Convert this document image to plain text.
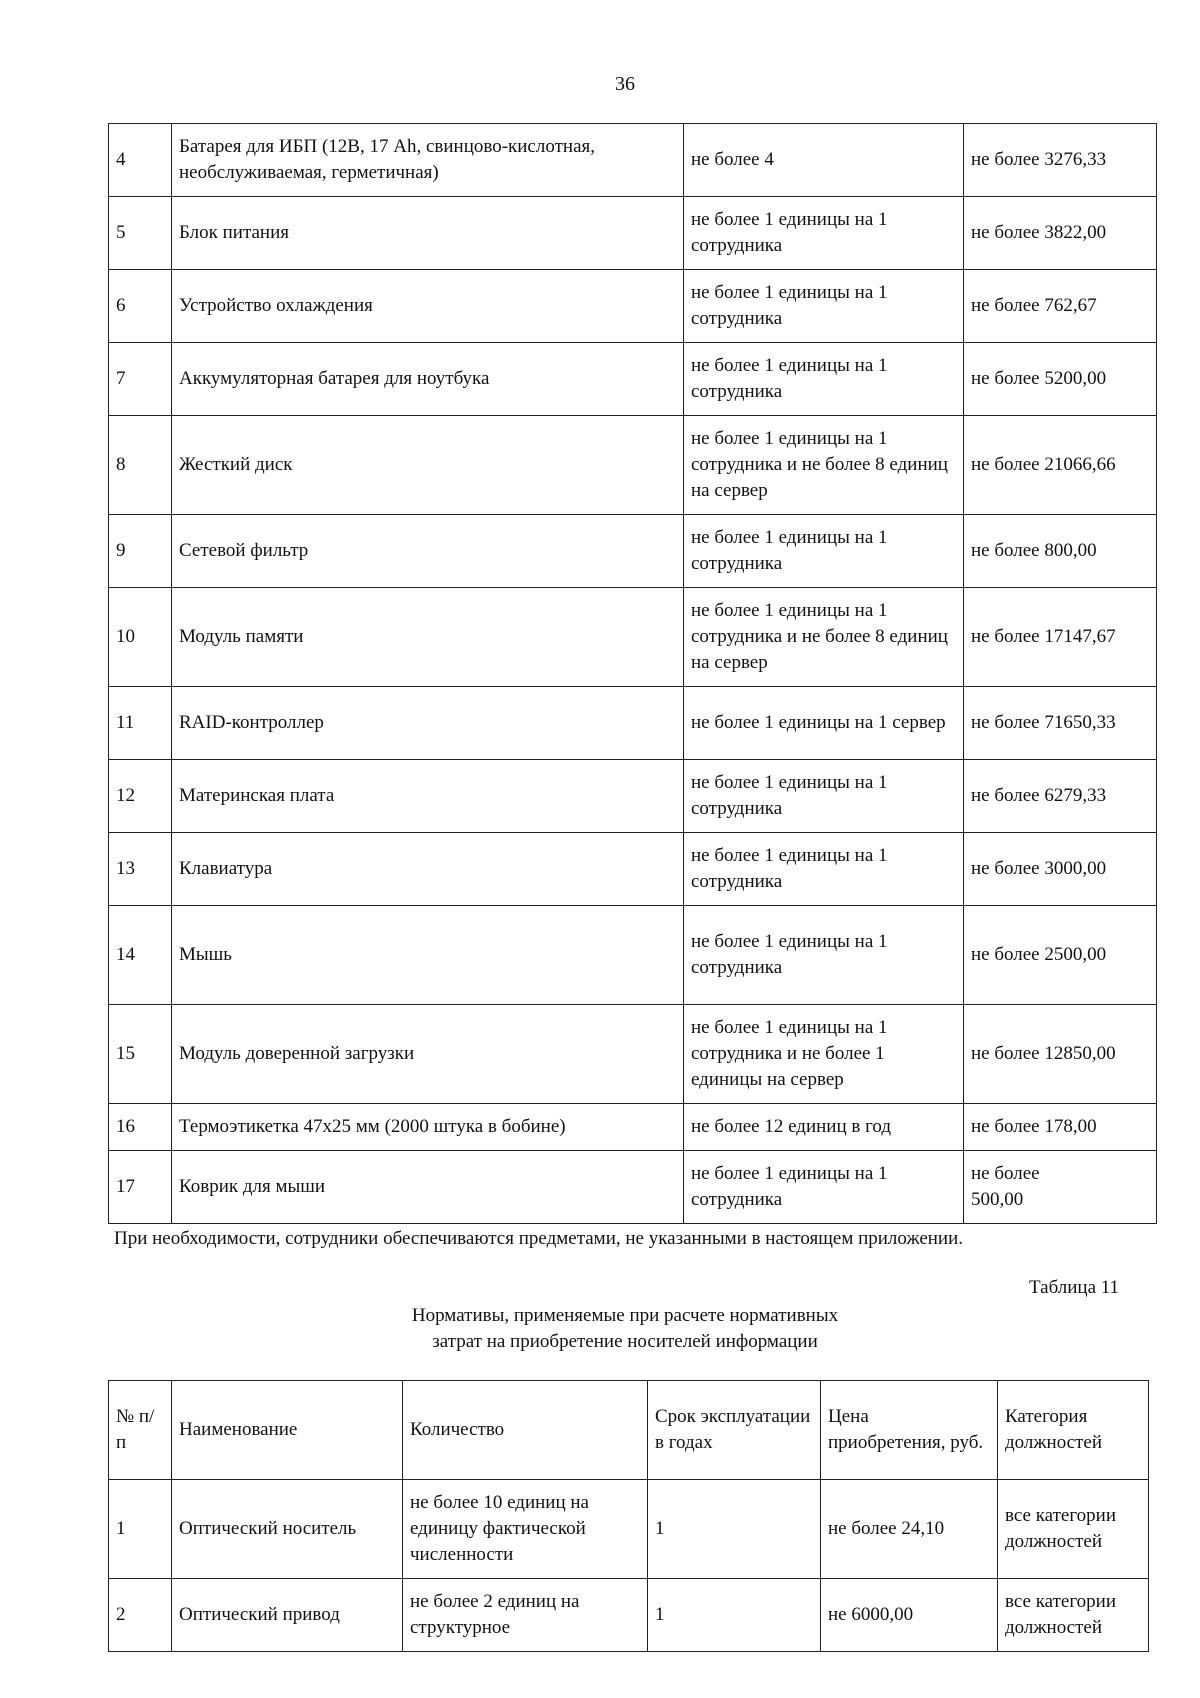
36
4	Батарея для ИБП (12В, 17 Ah, свинцово-кислотная, необслуживаемая, герметичная)	не более 4	не более 3276,33
5	Блок питания	не более 1 единицы на 1 сотрудника	не более 3822,00
6	Устройство охлаждения	не более 1 единицы на 1 сотрудника	не более 762,67
7	Аккумуляторная батарея для ноутбука	не более 1 единицы на 1 сотрудника	не более 5200,00
8	Жесткий диск	не более 1 единицы на 1 сотрудника и не более 8 единиц на сервер	не более 21066,66
9	Сетевой фильтр	не более 1 единицы на 1 сотрудника	не более 800,00
10	Модуль памяти	не более 1 единицы на 1 сотрудника и не более 8 единиц на сервер	не более 17147,67
11	RAID-контроллер	не более 1 единицы на 1 сервер	не более 71650,33
12	Материнская плата	не более 1 единицы на 1 сотрудника	не более 6279,33
13	Клавиатура	не более 1 единицы на 1 сотрудника	не более 3000,00
14	Мышь	не более 1 единицы на 1 сотрудника	не более 2500,00
15	Модуль доверенной загрузки	не более 1 единицы на 1 сотрудника и не более 1 единицы на сервер	не более 12850,00
16	Термоэтикетка 47х25 мм (2000 штука в бобине)	не более 12 единиц в год	не более 178,00
17	Коврик для мыши	не более 1 единицы на 1 сотрудника	не более 500,00
При необходимости, сотрудники обеспечиваются предметами, не указанными в настоящем приложении.
Таблица 11
Нормативы, применяемые при расчете нормативных
затрат на приобретение носителей информации
№ п/п	Наименование	Количество	Срок эксплуатации в годах	Цена приобретения, руб.	Категория должностей
1	Оптический носитель	не более 10 единиц на единицу фактической численности	1	не более 24,10	все категории должностей
2	Оптический привод	не более 2 единиц на структурное	1	не 6000,00	все категории должностей
